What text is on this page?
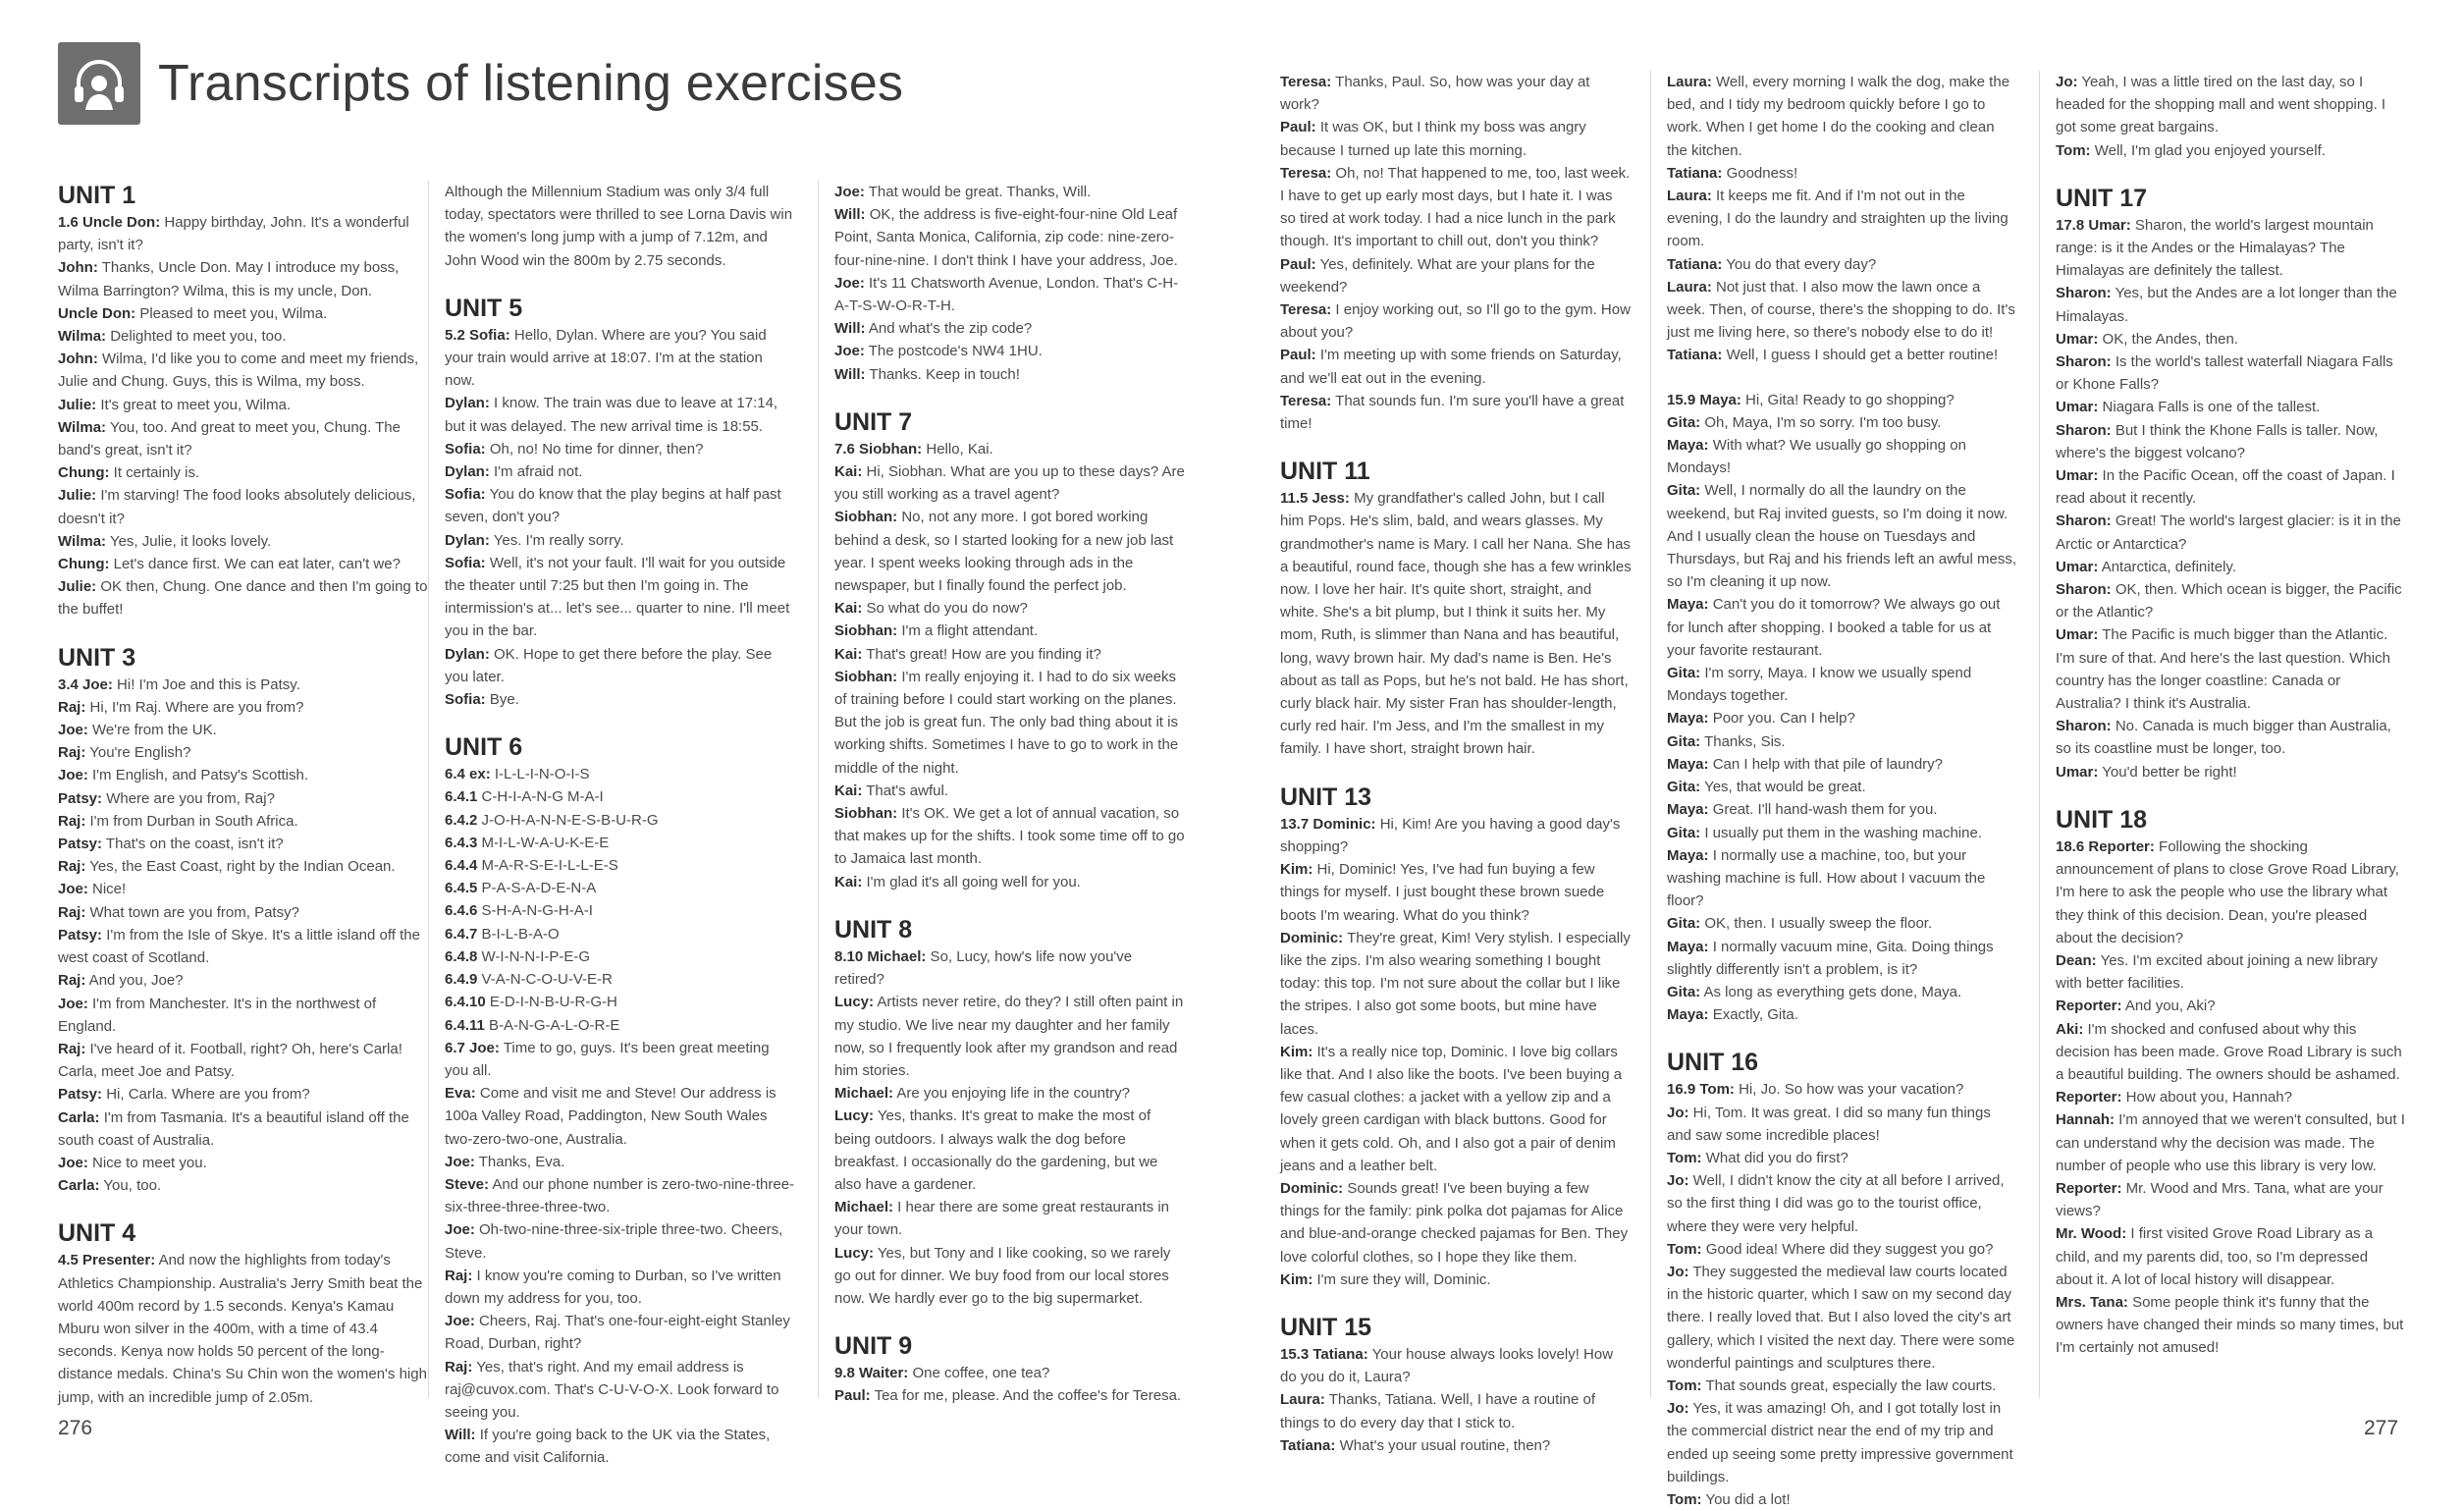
Transcripts of listening exercises
UNIT 1

1.6 Uncle Don: Happy birthday, John. It's a wonderful party, isn't it?

John: Thanks, Uncle Don. May I introduce my boss, Wilma Barrington? Wilma, this is my uncle, Don.

Uncle Don: Pleased to meet you, Wilma.

Wilma: Delighted to meet you, too.

John: Wilma, I'd like you to come and meet my friends, Julie and Chung. Guys, this is Wilma, my boss.

Julie: It's great to meet you, Wilma.

Wilma: You, too. And great to meet you, Chung. The band's great, isn't it?

Chung: It certainly is.

Julie: I'm starving! The food looks absolutely delicious, doesn't it?

Wilma: Yes, Julie, it looks lovely.

Chung: Let's dance first. We can eat later, can't we?

Julie: OK then, Chung. One dance and then I'm going to the buffet!

UNIT 3

3.4 Joe: Hi! I'm Joe and this is Patsy.

Raj: Hi, I'm Raj. Where are you from?

Joe: We're from the UK.

Raj: You're English?

Joe: I'm English, and Patsy's Scottish.

Patsy: Where are you from, Raj?

Raj: I'm from Durban in South Africa.

Patsy: That's on the coast, isn't it?

Raj: Yes, the East Coast, right by the Indian Ocean.

Joe: Nice!

Raj: What town are you from, Patsy?

Patsy: I'm from the Isle of Skye. It's a little island off the west coast of Scotland.

Raj: And you, Joe?

Joe: I'm from Manchester. It's in the northwest of England.

Raj: I've heard of it. Football, right? Oh, here's Carla! Carla, meet Joe and Patsy.

Patsy: Hi, Carla. Where are you from?

Carla: I'm from Tasmania. It's a beautiful island off the south coast of Australia.

Joe: Nice to meet you.

Carla: You, too.

UNIT 4

4.5 Presenter: And now the highlights from today's Athletics Championship. Australia's Jerry Smith beat the world 400m record by 1.5 seconds. Kenya's Kamau Mburu won silver in the 400m, with a time of 43.4 seconds. Kenya now holds 50 percent of the long-distance medals. China's Su Chin won the women's high jump, with an incredible jump of 2.05m.

Although the Millennium Stadium was only 3/4 full today, spectators were thrilled to see Lorna Davis win the women's long jump with a jump of 7.12m, and John Wood win the 800m by 2.75 seconds.

UNIT 5

5.2 Sofia: Hello, Dylan. Where are you? You said your train would arrive at 18:07. I'm at the station now.

Dylan: I know. The train was due to leave at 17:14, but it was delayed. The new arrival time is 18:55.

Sofia: Oh, no! No time for dinner, then?

Dylan: I'm afraid not.

Sofia: You do know that the play begins at half past seven, don't you?

Dylan: Yes. I'm really sorry.

Sofia: Well, it's not your fault. I'll wait for you outside the theater until 7:25 but then I'm going in. The intermission's at... let's see... quarter to nine. I'll meet you in the bar.

Dylan: OK. Hope to get there before the play. See you later.

Sofia: Bye.

UNIT 6

6.4 ex: I-L-L-I-N-O-I-S

6.4.1 C-H-I-A-N-G M-A-I

6.4.2 J-O-H-A-N-N-E-S-B-U-R-G

6.4.3 M-I-L-W-A-U-K-E-E

6.4.4 M-A-R-S-E-I-L-L-E-S

6.4.5 P-A-S-A-D-E-N-A

6.4.6 S-H-A-N-G-H-A-I

6.4.7 B-I-L-B-A-O

6.4.8 W-I-N-N-I-P-E-G

6.4.9 V-A-N-C-O-U-V-E-R

6.4.10 E-D-I-N-B-U-R-G-H

6.4.11 B-A-N-G-A-L-O-R-E

6.7 Joe: Time to go, guys. It's been great meeting you all.

Eva: Come and visit me and Steve! Our address is 100a Valley Road, Paddington, New South Wales two-zero-two-one, Australia.

Joe: Thanks, Eva.

Steve: And our phone number is zero-two-nine-three-six-three-three-three-two.

Joe: Oh-two-nine-three-six-triple three-two. Cheers, Steve.

Raj: I know you're coming to Durban, so I've written down my address for you, too.

Joe: Cheers, Raj. That's one-four-eight-eight Stanley Road, Durban, right?

Raj: Yes, that's right. And my email address is raj@cuvox.com. That's C-U-V-O-X. Look forward to seeing you.

Will: If you're going back to the UK via the States, come and visit California.

Joe: That would be great. Thanks, Will.

Will: OK, the address is five-eight-four-nine Old Leaf Point, Santa Monica, California, zip code: nine-zero-four-nine-nine. I don't think I have your address, Joe.

Joe: It's 11 Chatsworth Avenue, London. That's C-H-A-T-S-W-O-R-T-H.

Will: And what's the zip code?

Joe: The postcode's NW4 1HU.

Will: Thanks. Keep in touch!

UNIT 7

7.6 Siobhan: Hello, Kai.

Kai: Hi, Siobhan. What are you up to these days? Are you still working as a travel agent?

Siobhan: No, not any more. I got bored working behind a desk, so I started looking for a new job last year. I spent weeks looking through ads in the newspaper, but I finally found the perfect job.

Kai: So what do you do now?

Siobhan: I'm a flight attendant.

Kai: That's great! How are you finding it?

Siobhan: I'm really enjoying it. I had to do six weeks of training before I could start working on the planes. But the job is great fun. The only bad thing about it is working shifts. Sometimes I have to go to work in the middle of the night.

Kai: That's awful.

Siobhan: It's OK. We get a lot of annual vacation, so that makes up for the shifts. I took some time off to go to Jamaica last month.

Kai: I'm glad it's all going well for you.

UNIT 8

8.10 Michael: So, Lucy, how's life now you've retired?

Lucy: Artists never retire, do they? I still often paint in my studio. We live near my daughter and her family now, so I frequently look after my grandson and read him stories.

Michael: Are you enjoying life in the country?

Lucy: Yes, thanks. It's great to make the most of being outdoors. I always walk the dog before breakfast. I occasionally do the gardening, but we also have a gardener.

Michael: I hear there are some great restaurants in your town.

Lucy: Yes, but Tony and I like cooking, so we rarely go out for dinner. We buy food from our local stores now. We hardly ever go to the big supermarket.

UNIT 9

9.8 Waiter: One coffee, one tea?

Paul: Tea for me, please. And the coffee's for Teresa.

Teresa: Thanks, Paul. So, how was your day at work?

Paul: It was OK, but I think my boss was angry because I turned up late this morning.

Teresa: Oh, no! That happened to me, too, last week. I have to get up early most days, but I hate it. I was so tired at work today. I had a nice lunch in the park though. It's important to chill out, don't you think?

Paul: Yes, definitely. What are your plans for the weekend?

Teresa: I enjoy working out, so I'll go to the gym. How about you?

Paul: I'm meeting up with some friends on Saturday, and we'll eat out in the evening.

Teresa: That sounds fun. I'm sure you'll have a great time!

UNIT 11

11.5 Jess: My grandfather's called John, but I call him Pops. He's slim, bald, and wears glasses. My grandmother's name is Mary. I call her Nana. She has a beautiful, round face, though she has a few wrinkles now. I love her hair. It's quite short, straight, and white. She's a bit plump, but I think it suits her. My mom, Ruth, is slimmer than Nana and has beautiful, long, wavy brown hair. My dad's name is Ben. He's about as tall as Pops, but he's not bald. He has short, curly black hair. My sister Fran has shoulder-length, curly red hair. I'm Jess, and I'm the smallest in my family. I have short, straight brown hair.

UNIT 13

13.7 Dominic: Hi, Kim! Are you having a good day's shopping?

Kim: Hi, Dominic! Yes, I've had fun buying a few things for myself. I just bought these brown suede boots I'm wearing. What do you think?

Dominic: They're great, Kim! Very stylish. I especially like the zips. I'm also wearing something I bought today: this top. I'm not sure about the collar but I like the stripes. I also got some boots, but mine have laces.

Kim: It's a really nice top, Dominic. I love big collars like that. And I also like the boots. I've been buying a few casual clothes: a jacket with a yellow zip and a lovely green cardigan with black buttons. Good for when it gets cold. Oh, and I also got a pair of denim jeans and a leather belt.

Dominic: Sounds great! I've been buying a few things for the family: pink polka dot pajamas for Alice and blue-and-orange checked pajamas for Ben. They love colorful clothes, so I hope they like them.

Kim: I'm sure they will, Dominic.

UNIT 15

15.3 Tatiana: Your house always looks lovely! How do you do it, Laura?

Laura: Thanks, Tatiana. Well, I have a routine of things to do every day that I stick to.

Tatiana: What's your usual routine, then?

Laura: Well, every morning I walk the dog, make the bed, and I tidy my bedroom quickly before I go to work. When I get home I do the cooking and clean the kitchen.

Tatiana: Goodness!

Laura: It keeps me fit. And if I'm not out in the evening, I do the laundry and straighten up the living room.

Tatiana: You do that every day?

Laura: Not just that. I also mow the lawn once a week. Then, of course, there's the shopping to do. It's just me living here, so there's nobody else to do it!

Tatiana: Well, I guess I should get a better routine!

15.9 Maya: Hi, Gita! Ready to go shopping?

Gita: Oh, Maya, I'm so sorry. I'm too busy.

Maya: With what? We usually go shopping on Mondays!

Gita: Well, I normally do all the laundry on the weekend, but Raj invited guests, so I'm doing it now. And I usually clean the house on Tuesdays and Thursdays, but Raj and his friends left an awful mess, so I'm cleaning it up now.

Maya: Can't you do it tomorrow? We always go out for lunch after shopping. I booked a table for us at your favorite restaurant.

Gita: I'm sorry, Maya. I know we usually spend Mondays together.

Maya: Poor you. Can I help?

Gita: Thanks, Sis.

Maya: Can I help with that pile of laundry?

Gita: Yes, that would be great.

Maya: Great. I'll hand-wash them for you.

Gita: I usually put them in the washing machine.

Maya: I normally use a machine, too, but your washing machine is full. How about I vacuum the floor?

Gita: OK, then. I usually sweep the floor.

Maya: I normally vacuum mine, Gita. Doing things slightly differently isn't a problem, is it?

Gita: As long as everything gets done, Maya.

Maya: Exactly, Gita.

UNIT 16

16.9 Tom: Hi, Jo. So how was your vacation?

Jo: Hi, Tom. It was great. I did so many fun things and saw some incredible places!

Tom: What did you do first?

Jo: Well, I didn't know the city at all before I arrived, so the first thing I did was go to the tourist office, where they were very helpful.

Tom: Good idea! Where did they suggest you go?

Jo: They suggested the medieval law courts located in the historic quarter, which I saw on my second day there. I really loved that. But I also loved the city's art gallery, which I visited the next day. There were some wonderful paintings and sculptures there.

Tom: That sounds great, especially the law courts.

Jo: Yes, it was amazing! Oh, and I got totally lost in the commercial district near the end of my trip and ended up seeing some pretty impressive government buildings.

Tom: You did a lot!

Jo: Yeah, I was a little tired on the last day, so I headed for the shopping mall and went shopping. I got some great bargains.

Tom: Well, I'm glad you enjoyed yourself.

UNIT 17

17.8 Umar: Sharon, the world's largest mountain range: is it the Andes or the Himalayas? The Himalayas are definitely the tallest.

Sharon: Yes, but the Andes are a lot longer than the Himalayas.

Umar: OK, the Andes, then.

Sharon: Is the world's tallest waterfall Niagara Falls or Khone Falls?

Umar: Niagara Falls is one of the tallest.

Sharon: But I think the Khone Falls is taller. Now, where's the biggest volcano?

Umar: In the Pacific Ocean, off the coast of Japan. I read about it recently.

Sharon: Great! The world's largest glacier: is it in the Arctic or Antarctica?

Umar: Antarctica, definitely.

Sharon: OK, then. Which ocean is bigger, the Pacific or the Atlantic?

Umar: The Pacific is much bigger than the Atlantic. I'm sure of that. And here's the last question. Which country has the longer coastline: Canada or Australia? I think it's Australia.

Sharon: No. Canada is much bigger than Australia, so its coastline must be longer, too.

Umar: You'd better be right!

UNIT 18

18.6 Reporter: Following the shocking announcement of plans to close Grove Road Library, I'm here to ask the people who use the library what they think of this decision. Dean, you're pleased about the decision?

Dean: Yes. I'm excited about joining a new library with better facilities.

Reporter: And you, Aki?

Aki: I'm shocked and confused about why this decision has been made. Grove Road Library is such a beautiful building. The owners should be ashamed.

Reporter: How about you, Hannah?

Hannah: I'm annoyed that we weren't consulted, but I can understand why the decision was made. The number of people who use this library is very low.

Reporter: Mr. Wood and Mrs. Tana, what are your views?

Mr. Wood: I first visited Grove Road Library as a child, and my parents did, too, so I'm depressed about it. A lot of local history will disappear.

Mrs. Tana: Some people think it's funny that the owners have changed their minds so many times, but I'm certainly not amused!

276	277
